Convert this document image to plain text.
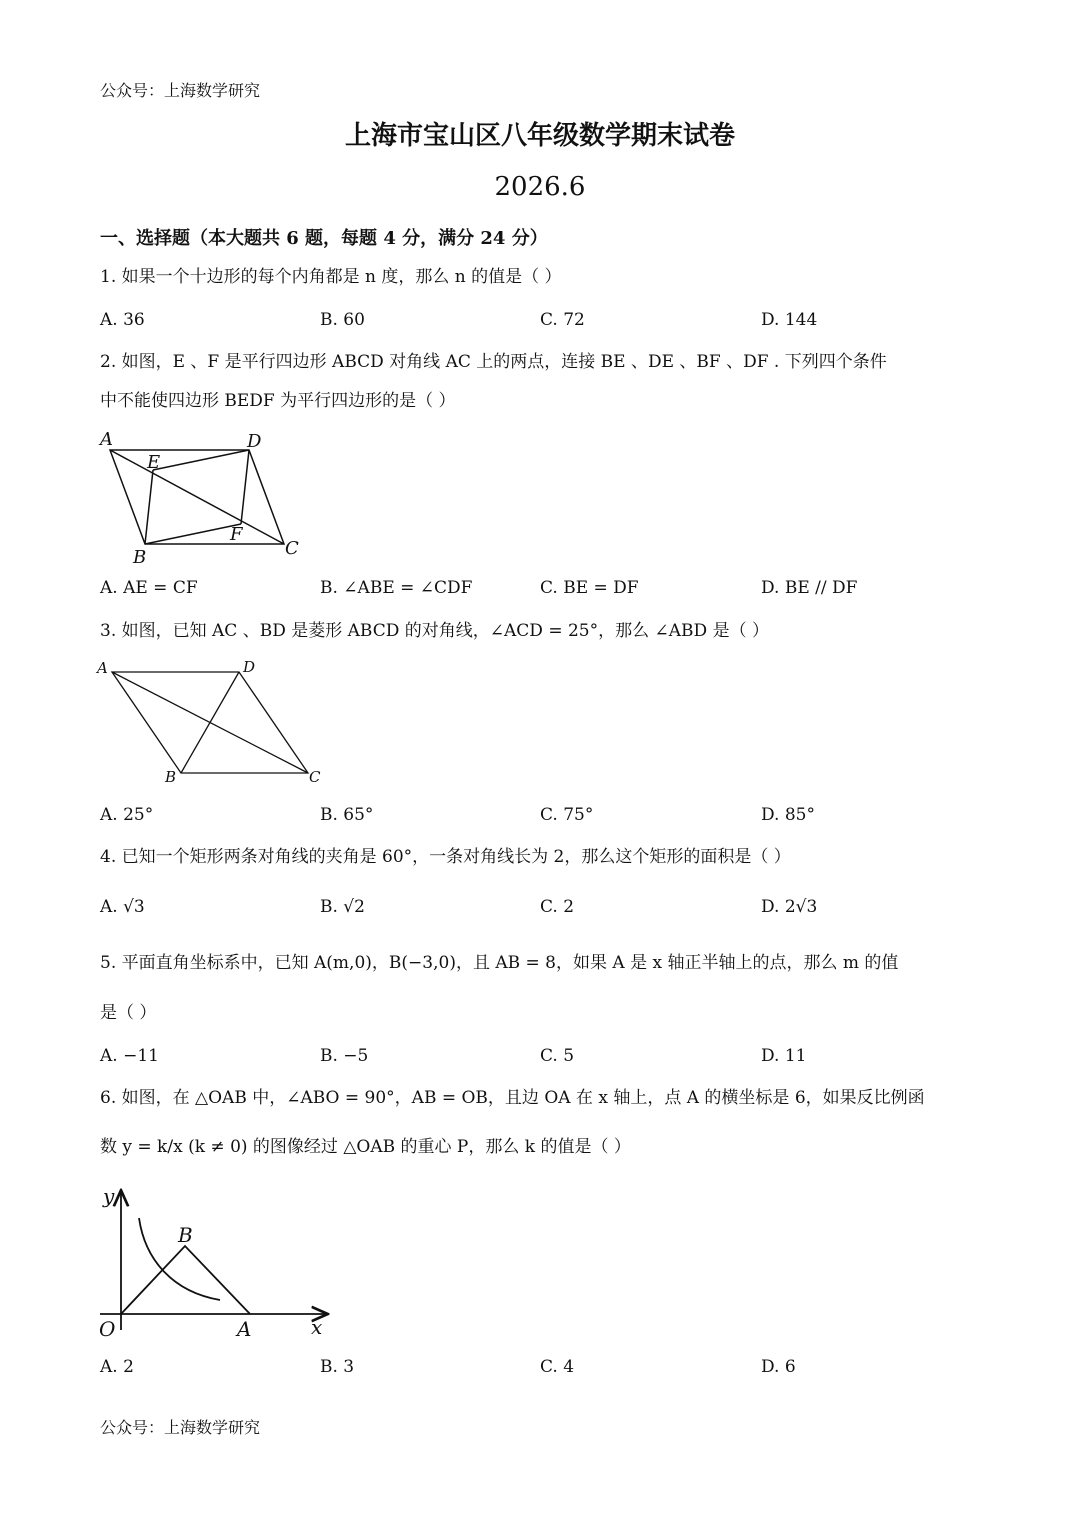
公众号：上海数学研究
上海市宝山区八年级数学期末试卷
2026.6
一、选择题（本大题共 6 题，每题 4 分，满分 24 分）
1. 如果一个十边形的每个内角都是 n 度，那么 n 的值是（ ）
A. 36	B. 60	C. 72	D. 144
2. 如图，E 、F 是平行四边形 ABCD 对角线 AC 上的两点，连接 BE 、DE 、BF 、DF . 下列四个条件
中不能使四边形 BEDF 为平行四边形的是（ ）
A	D
E
F
B	C
A. AE = CF	B. ∠ABE = ∠CDF	C. BE = DF	D. BE // DF
3. 如图，已知 AC 、BD 是菱形 ABCD 的对角线，∠ACD = 25°，那么 ∠ABD 是（ ）
A	D
B	C
A. 25°	B. 65°	C. 75°	D. 85°
4. 已知一个矩形两条对角线的夹角是 60°，一条对角线长为 2，那么这个矩形的面积是（ ）
A. √3	B. √2	C. 2	D. 2√3
5. 平面直角坐标系中，已知 A(m,0)，B(−3,0)，且 AB = 8，如果 A 是 x 轴正半轴上的点，那么 m 的值
是（ ）
A. −11	B. −5	C. 5	D. 11
6. 如图，在 △OAB 中，∠ABO = 90°，AB = OB，且边 OA 在 x 轴上，点 A 的横坐标是 6，如果反比例函
数 y = k/x (k ≠ 0) 的图像经过 △OAB 的重心 P，那么 k 的值是（ ）
y
B
O	A	x
A. 2	B. 3	C. 4	D. 6
公众号：上海数学研究
